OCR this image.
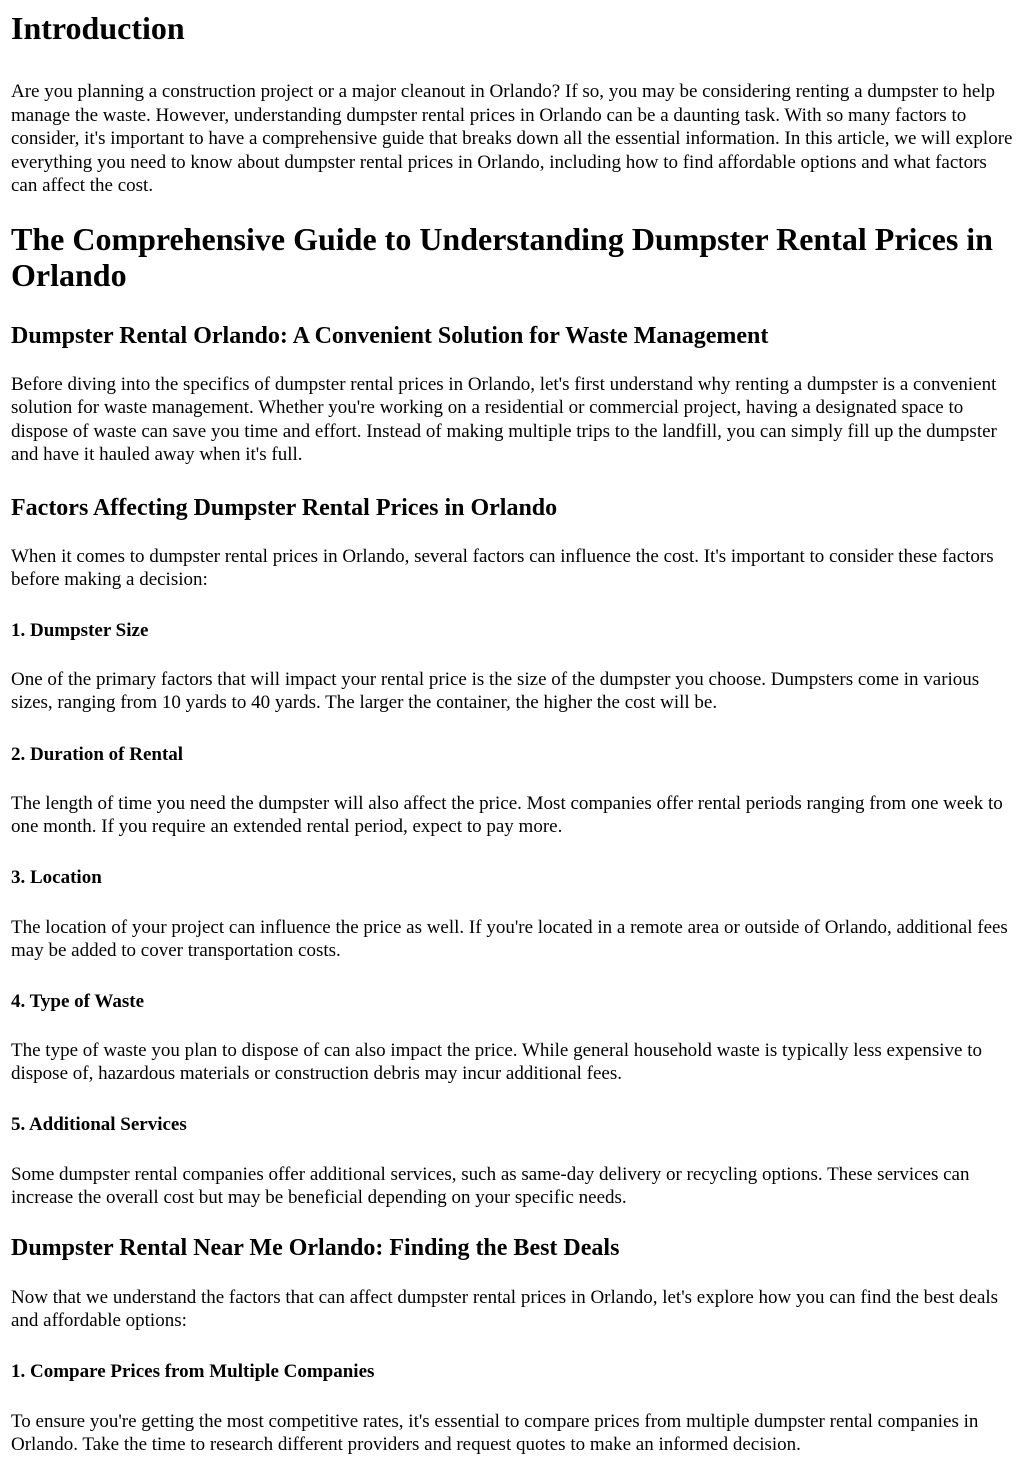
Introduction

Are you planning a construction project or a major cleanout in Orlando? If so, you may be considering renting a dumpster to help manage the waste. However, understanding dumpster rental prices in Orlando can be a daunting task. With so many factors to consider, it's important to have a comprehensive guide that breaks down all the essential information. In this article, we will explore everything you need to know about dumpster rental prices in Orlando, including how to find affordable options and what factors can affect the cost.

The Comprehensive Guide to Understanding Dumpster Rental Prices in Orlando
Dumpster Rental Orlando: A Convenient Solution for Waste Management

Before diving into the specifics of dumpster rental prices in Orlando, let's first understand why renting a dumpster is a convenient solution for waste management. Whether you're working on a residential or commercial project, having a designated space to dispose of waste can save you time and effort. Instead of making multiple trips to the landfill, you can simply fill up the dumpster and have it hauled away when it's full.

Factors Affecting Dumpster Rental Prices in Orlando

When it comes to dumpster rental prices in Orlando, several factors can influence the cost. It's important to consider these factors before making a decision:

1. Dumpster Size

One of the primary factors that will impact your rental price is the size of the dumpster you choose. Dumpsters come in various sizes, ranging from 10 yards to 40 yards. The larger the container, the higher the cost will be.

2. Duration of Rental

The length of time you need the dumpster will also affect the price. Most companies offer rental periods ranging from one week to one month. If you require an extended rental period, expect to pay more.

3. Location

The location of your project can influence the price as well. If you're located in a remote area or outside of Orlando, additional fees may be added to cover transportation costs.

4. Type of Waste

The type of waste you plan to dispose of can also impact the price. While general household waste is typically less expensive to dispose of, hazardous materials or construction debris may incur additional fees.

5. Additional Services

Some dumpster rental companies offer additional services, such as same-day delivery or recycling options. These services can increase the overall cost but may be beneficial depending on your specific needs.

Dumpster Rental Near Me Orlando: Finding the Best Deals

Now that we understand the factors that can affect dumpster rental prices in Orlando, let's explore how you can find the best deals and affordable options:

1. Compare Prices from Multiple Companies

To ensure you're getting the most competitive rates, it's essential to compare prices from multiple dumpster rental companies in Orlando. Take the time to research different providers and request quotes to make an informed decision.
